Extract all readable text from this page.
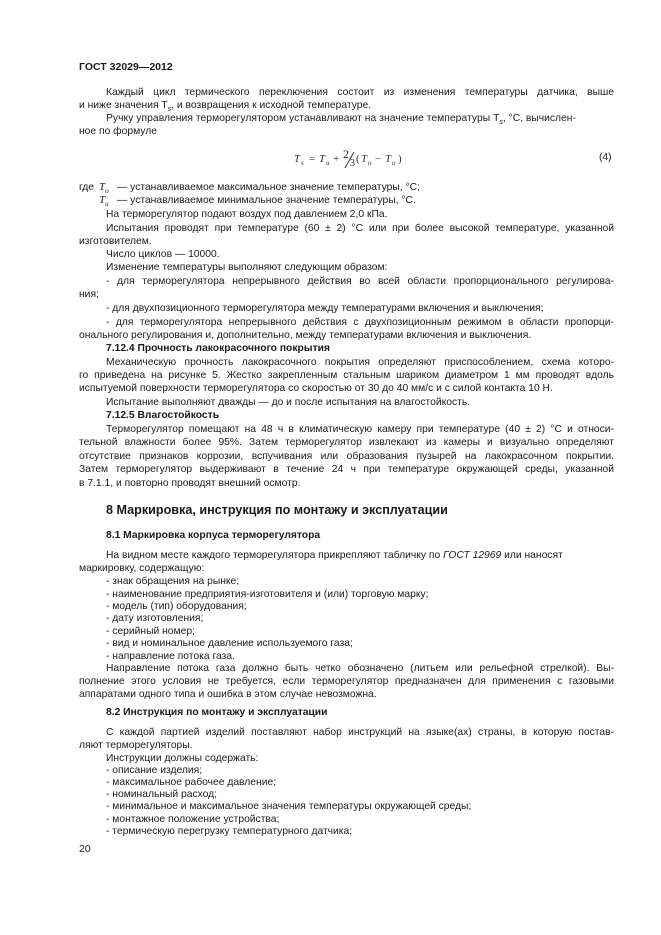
ГОСТ 32029—2012
Каждый цикл термического переключения состоит из изменения температуры датчика, выше
и ниже значения $T_s$, и возвращения к исходной температуре.
Ручку управления терморегулятором устанавливают на значение температуры $T_s$, °С, вычислен-
ное по формуле
T s = T u + 2
3 ( T o − T u )	(4)
где $T_o$ — устанавливаемое максимальное значение температуры, °С;
$T_u$ — устанавливаемое минимальное значение температуры, °С.
На терморегулятор подают воздух под давлением 2,0 кПа.
Испытания проводят при температуре (60 ± 2) °С или при более высокой температуре, указанной
изготовителем.
Число циклов — 10000.
Изменение температуры выполняют следующим образом:
- для терморегулятора непрерывного действия во всей области пропорционального регулирова-
ния;
- для двухпозиционного терморегулятора между температурами включения и выключения;
- для терморегулятора непрерывного действия с двухпозиционным режимом в области пропорци-
онального регулирования и, дополнительно, между температурами включения и выключения.
7.12.4 Прочность лакокрасочного покрытия
Механическую прочность лакокрасочного покрытия определяют приспособлением, схема которо-
го приведена на рисунке 5. Жестко закрепленным стальным шариком диаметром 1 мм проводят вдоль
испытуемой поверхности терморегулятора со скоростью от 30 до 40 мм/с и с силой контакта 10 Н.
Испытание выполняют дважды — до и после испытания на влагостойкость.
7.12.5 Влагостойкость
Терморегулятор помещают на 48 ч в климатическую камеру при температуре (40 ± 2) °С и относи-
тельной влажности более 95%. Затем терморегулятор извлекают из камеры и визуально определяют
отсутствие признаков коррозии, вспучивания или образования пузырей на лакокрасочном покрытии.
Затем терморегулятор выдерживают в течение 24 ч при температуре окружающей среды, указанной
в 7.1.1, и повторно проводят внешний осмотр.
8 Маркировка, инструкция по монтажу и эксплуатации
8.1 Маркировка корпуса терморегулятора
На видном месте каждого терморегулятора прикрепляют табличку по ГОСТ 12969 или наносят
маркировку, содержащую:
- знак обращения на рынке;
- наименование предприятия-изготовителя и (или) торговую марку;
- модель (тип) оборудования;
- дату изготовления;
- серийный номер;
- вид и номинальное давление используемого газа;
- направление потока газа.
Направление потока газа должно быть четко обозначено (литьем или рельефной стрелкой). Вы-
полнение этого условия не требуется, если терморегулятор предназначен для применения с газовыми
аппаратами одного типа и ошибка в этом случае невозможна.
8.2 Инструкция по монтажу и эксплуатации
С каждой партией изделий поставляют набор инструкций на языке(ах) страны, в которую постав-
ляют терморегуляторы.
Инструкции должны содержать:
- описание изделия;
- максимальное рабочее давление;
- номинальный расход;
- минимальное и максимальное значения температуры окружающей среды;
- монтажное положение устройства;
- термическую перегрузку температурного датчика;
20
